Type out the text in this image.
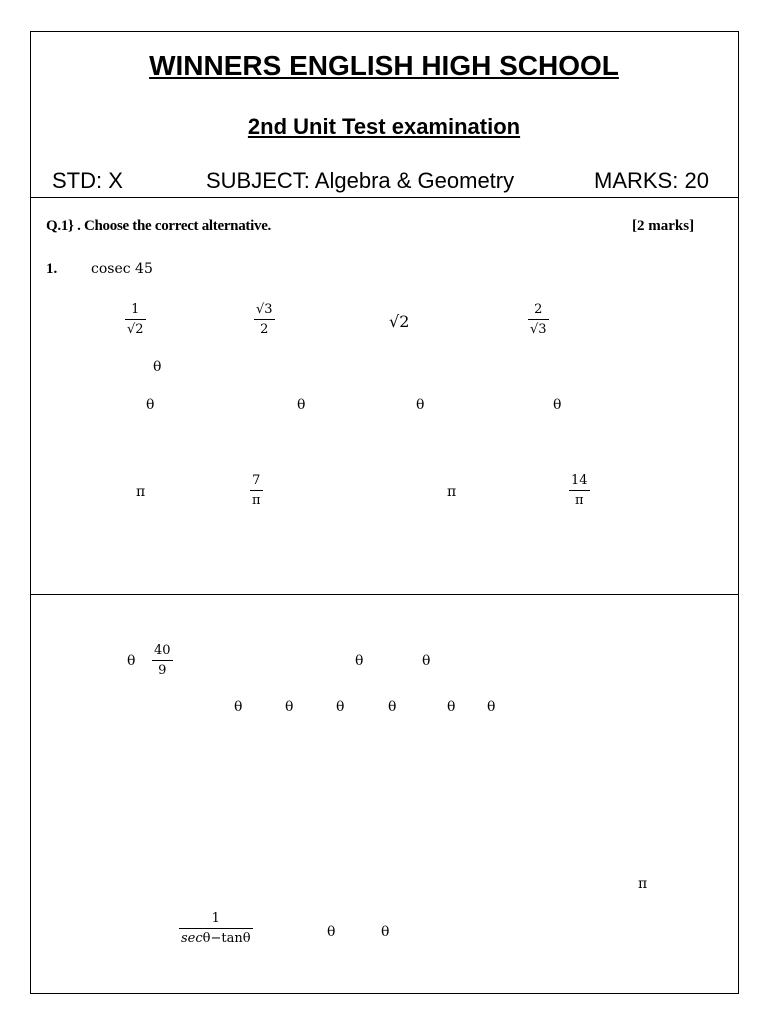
WINNERS ENGLISH HIGH SCHOOL
2nd Unit Test examination
STD: X	SUBJECT: Algebra & Geometry	MARKS: 20
Q.1} . Choose the correct alternative.	[2 marks]
1. cosec 45
$\frac{1}{√2}$	$\frac{√3}{2}$	√2	$\frac{2}{√3}$
θ
θ	θ	θ	θ
π	$\frac{7}{\pi}$	π	$\frac{14}{\pi}$
θ $\frac{40}{9}$	θ	θ
θ	θ	θ	θ	θ θ
π
1
secθ−tanθ	θ	θ
